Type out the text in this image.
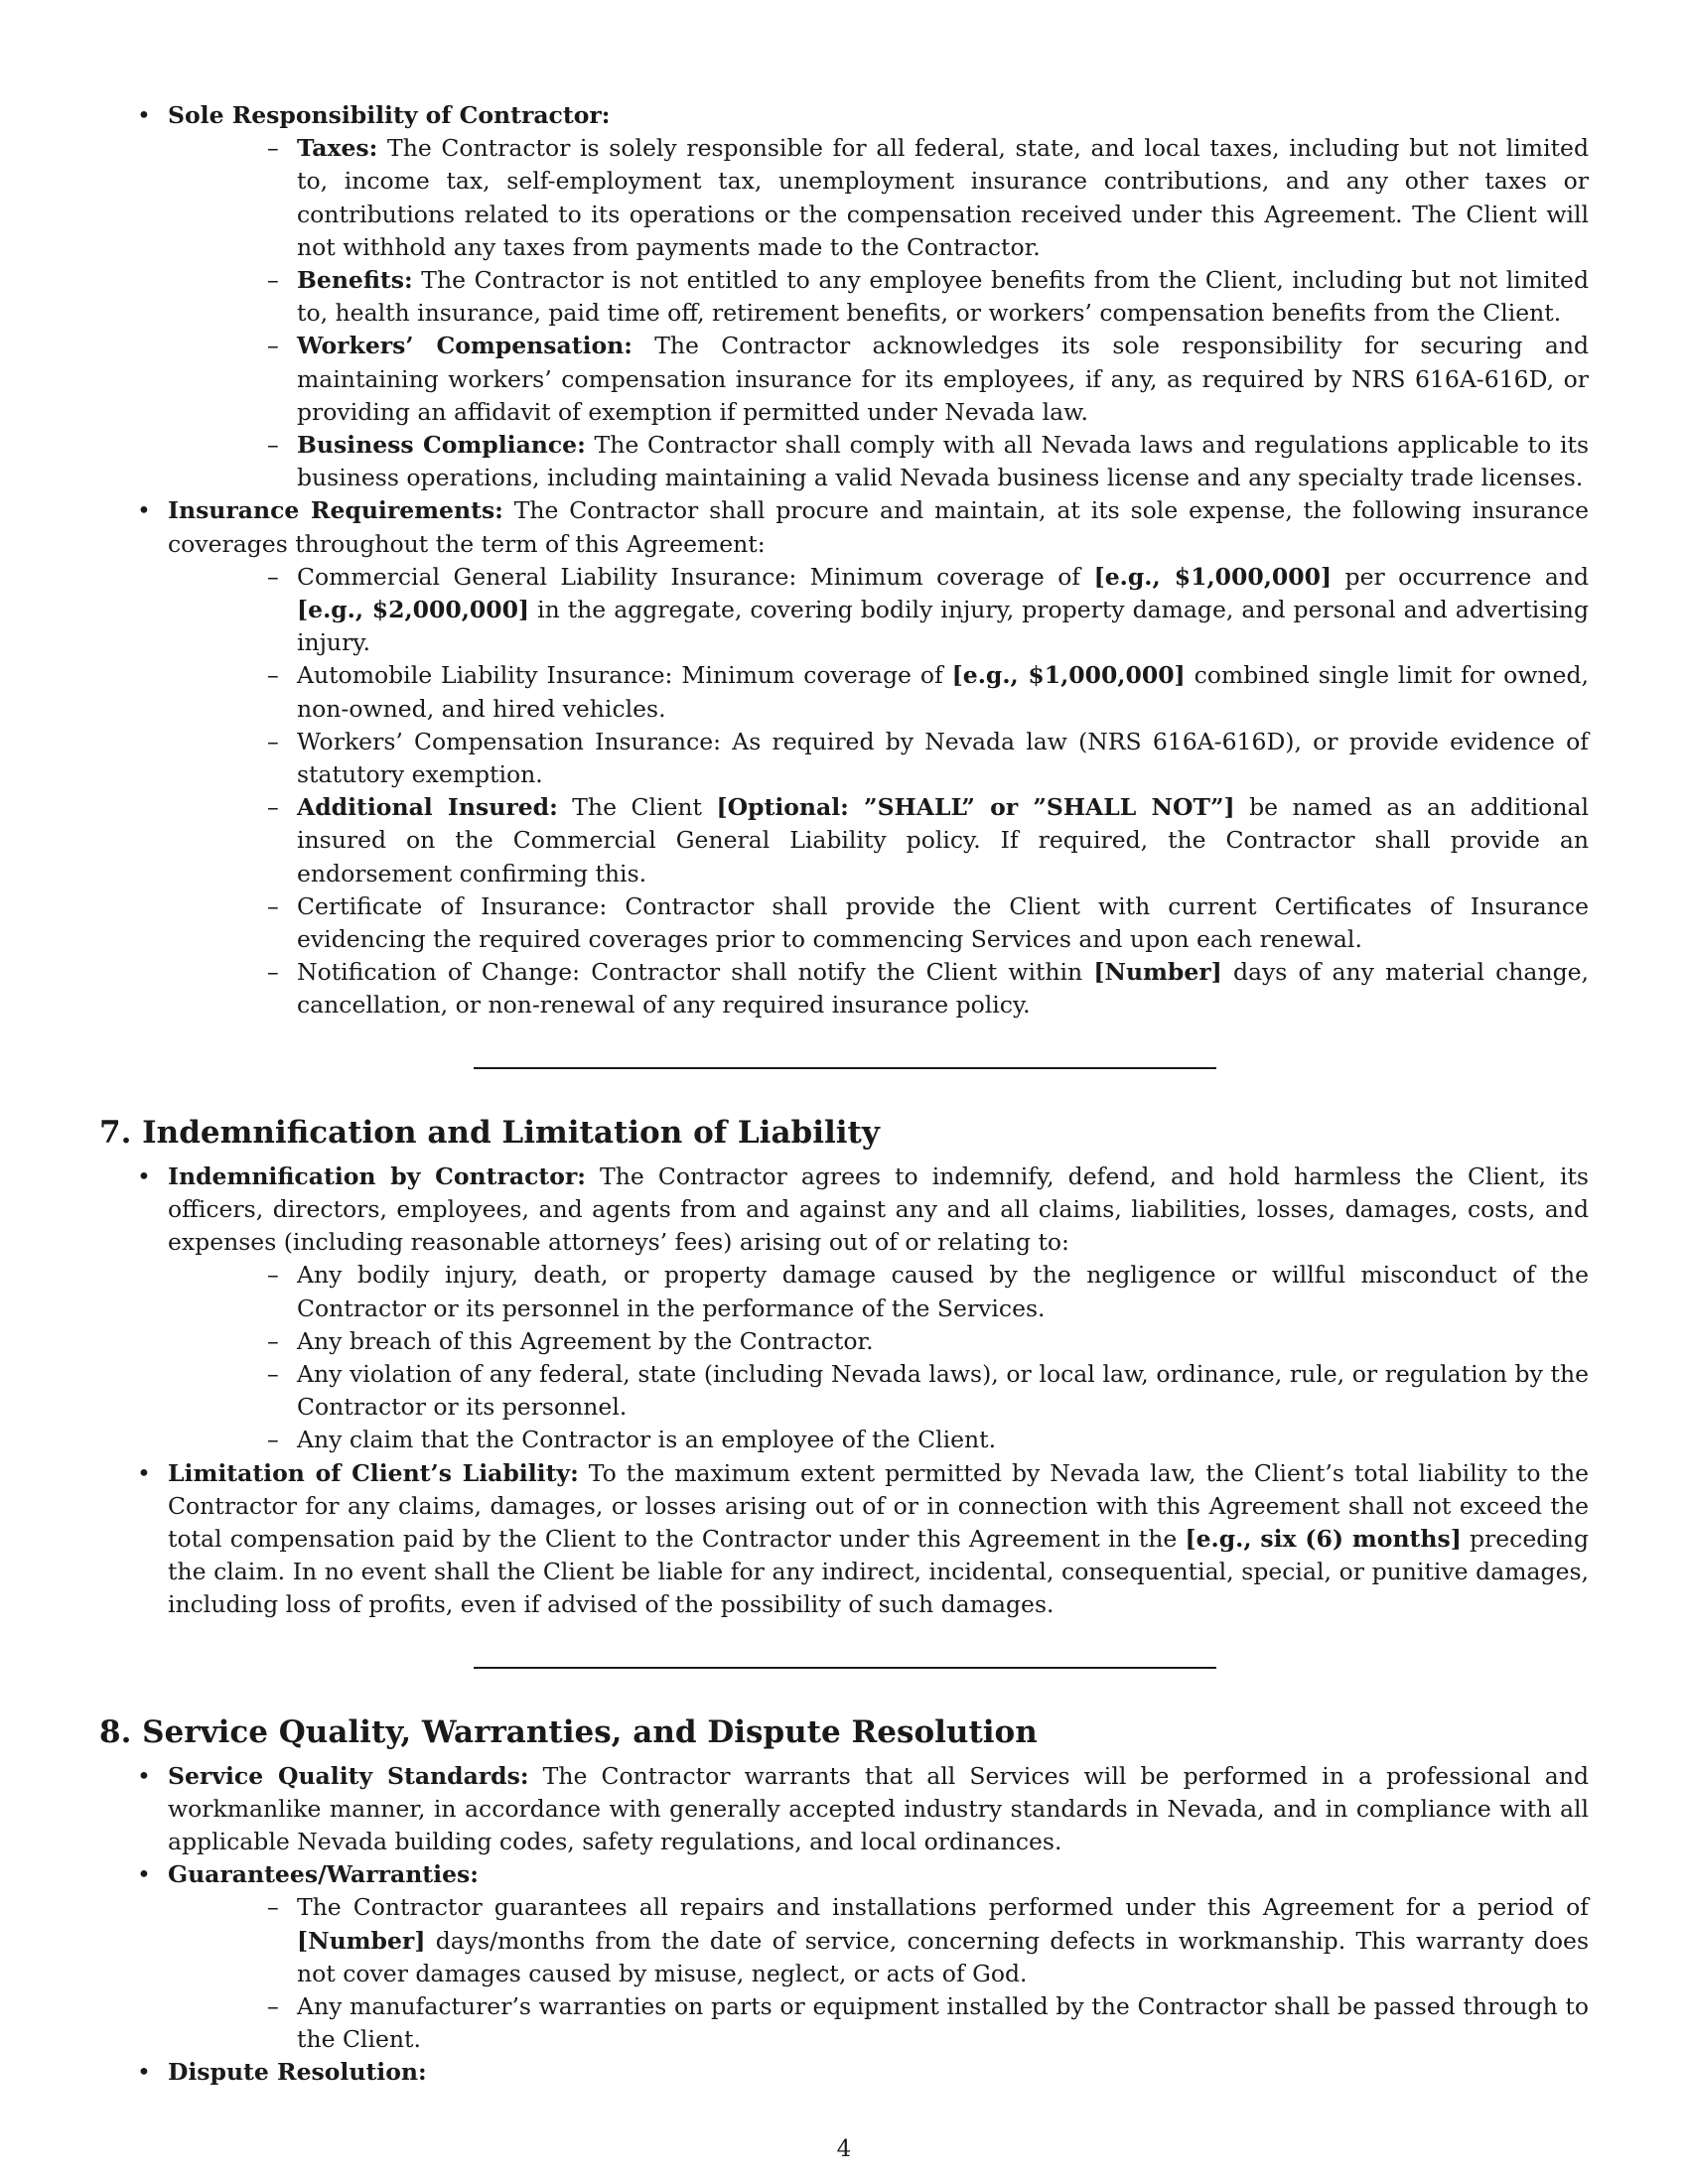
• Sole Responsibility of Contractor:
– Taxes: The Contractor is solely responsible for all federal, state, and local taxes, including but not limited to, income tax, self-employment tax, unemployment insurance contributions, and any other taxes or contributions related to its operations or the compensation received under this Agreement. The Client will not withhold any taxes from payments made to the Contractor.
– Benefits: The Contractor is not entitled to any employee benefits from the Client, including but not limited to, health insurance, paid time off, retirement benefits, or workers’ compensation benefits from the Client.
– Workers’ Compensation: The Contractor acknowledges its sole responsibility for securing and maintaining workers’ compensation insurance for its employees, if any, as required by NRS 616A-616D, or providing an affidavit of exemption if permitted under Nevada law.
– Business Compliance: The Contractor shall comply with all Nevada laws and regulations applicable to its business operations, including maintaining a valid Nevada business license and any specialty trade licenses.
• Insurance Requirements: The Contractor shall procure and maintain, at its sole expense, the following insurance coverages throughout the term of this Agreement:
– Commercial General Liability Insurance: Minimum coverage of [e.g., $1,000,000] per occurrence and [e.g., $2,000,000] in the aggregate, covering bodily injury, property damage, and personal and advertising injury.
– Automobile Liability Insurance: Minimum coverage of [e.g., $1,000,000] combined single limit for owned, non-owned, and hired vehicles.
– Workers’ Compensation Insurance: As required by Nevada law (NRS 616A-616D), or provide evidence of statutory exemption.
– Additional Insured: The Client [Optional: ”SHALL” or ”SHALL NOT”] be named as an additional insured on the Commercial General Liability policy. If required, the Contractor shall provide an endorsement confirming this.
– Certificate of Insurance: Contractor shall provide the Client with current Certificates of Insurance evidencing the required coverages prior to commencing Services and upon each renewal.
– Notification of Change: Contractor shall notify the Client within [Number] days of any material change, cancellation, or non-renewal of any required insurance policy.
7. Indemnification and Limitation of Liability
• Indemnification by Contractor: The Contractor agrees to indemnify, defend, and hold harmless the Client, its officers, directors, employees, and agents from and against any and all claims, liabilities, losses, damages, costs, and expenses (including reasonable attorneys’ fees) arising out of or relating to:
– Any bodily injury, death, or property damage caused by the negligence or willful misconduct of the Contractor or its personnel in the performance of the Services.
– Any breach of this Agreement by the Contractor.
– Any violation of any federal, state (including Nevada laws), or local law, ordinance, rule, or regulation by the Contractor or its personnel.
– Any claim that the Contractor is an employee of the Client.
• Limitation of Client’s Liability: To the maximum extent permitted by Nevada law, the Client’s total liability to the Contractor for any claims, damages, or losses arising out of or in connection with this Agreement shall not exceed the total compensation paid by the Client to the Contractor under this Agreement in the [e.g., six (6) months] preceding the claim. In no event shall the Client be liable for any indirect, incidental, consequential, special, or punitive damages, including loss of profits, even if advised of the possibility of such damages.
8. Service Quality, Warranties, and Dispute Resolution
• Service Quality Standards: The Contractor warrants that all Services will be performed in a professional and workmanlike manner, in accordance with generally accepted industry standards in Nevada, and in compliance with all applicable Nevada building codes, safety regulations, and local ordinances.
• Guarantees/Warranties:
– The Contractor guarantees all repairs and installations performed under this Agreement for a period of [Number] days/months from the date of service, concerning defects in workmanship. This warranty does not cover damages caused by misuse, neglect, or acts of God.
– Any manufacturer’s warranties on parts or equipment installed by the Contractor shall be passed through to the Client.
• Dispute Resolution:
4
